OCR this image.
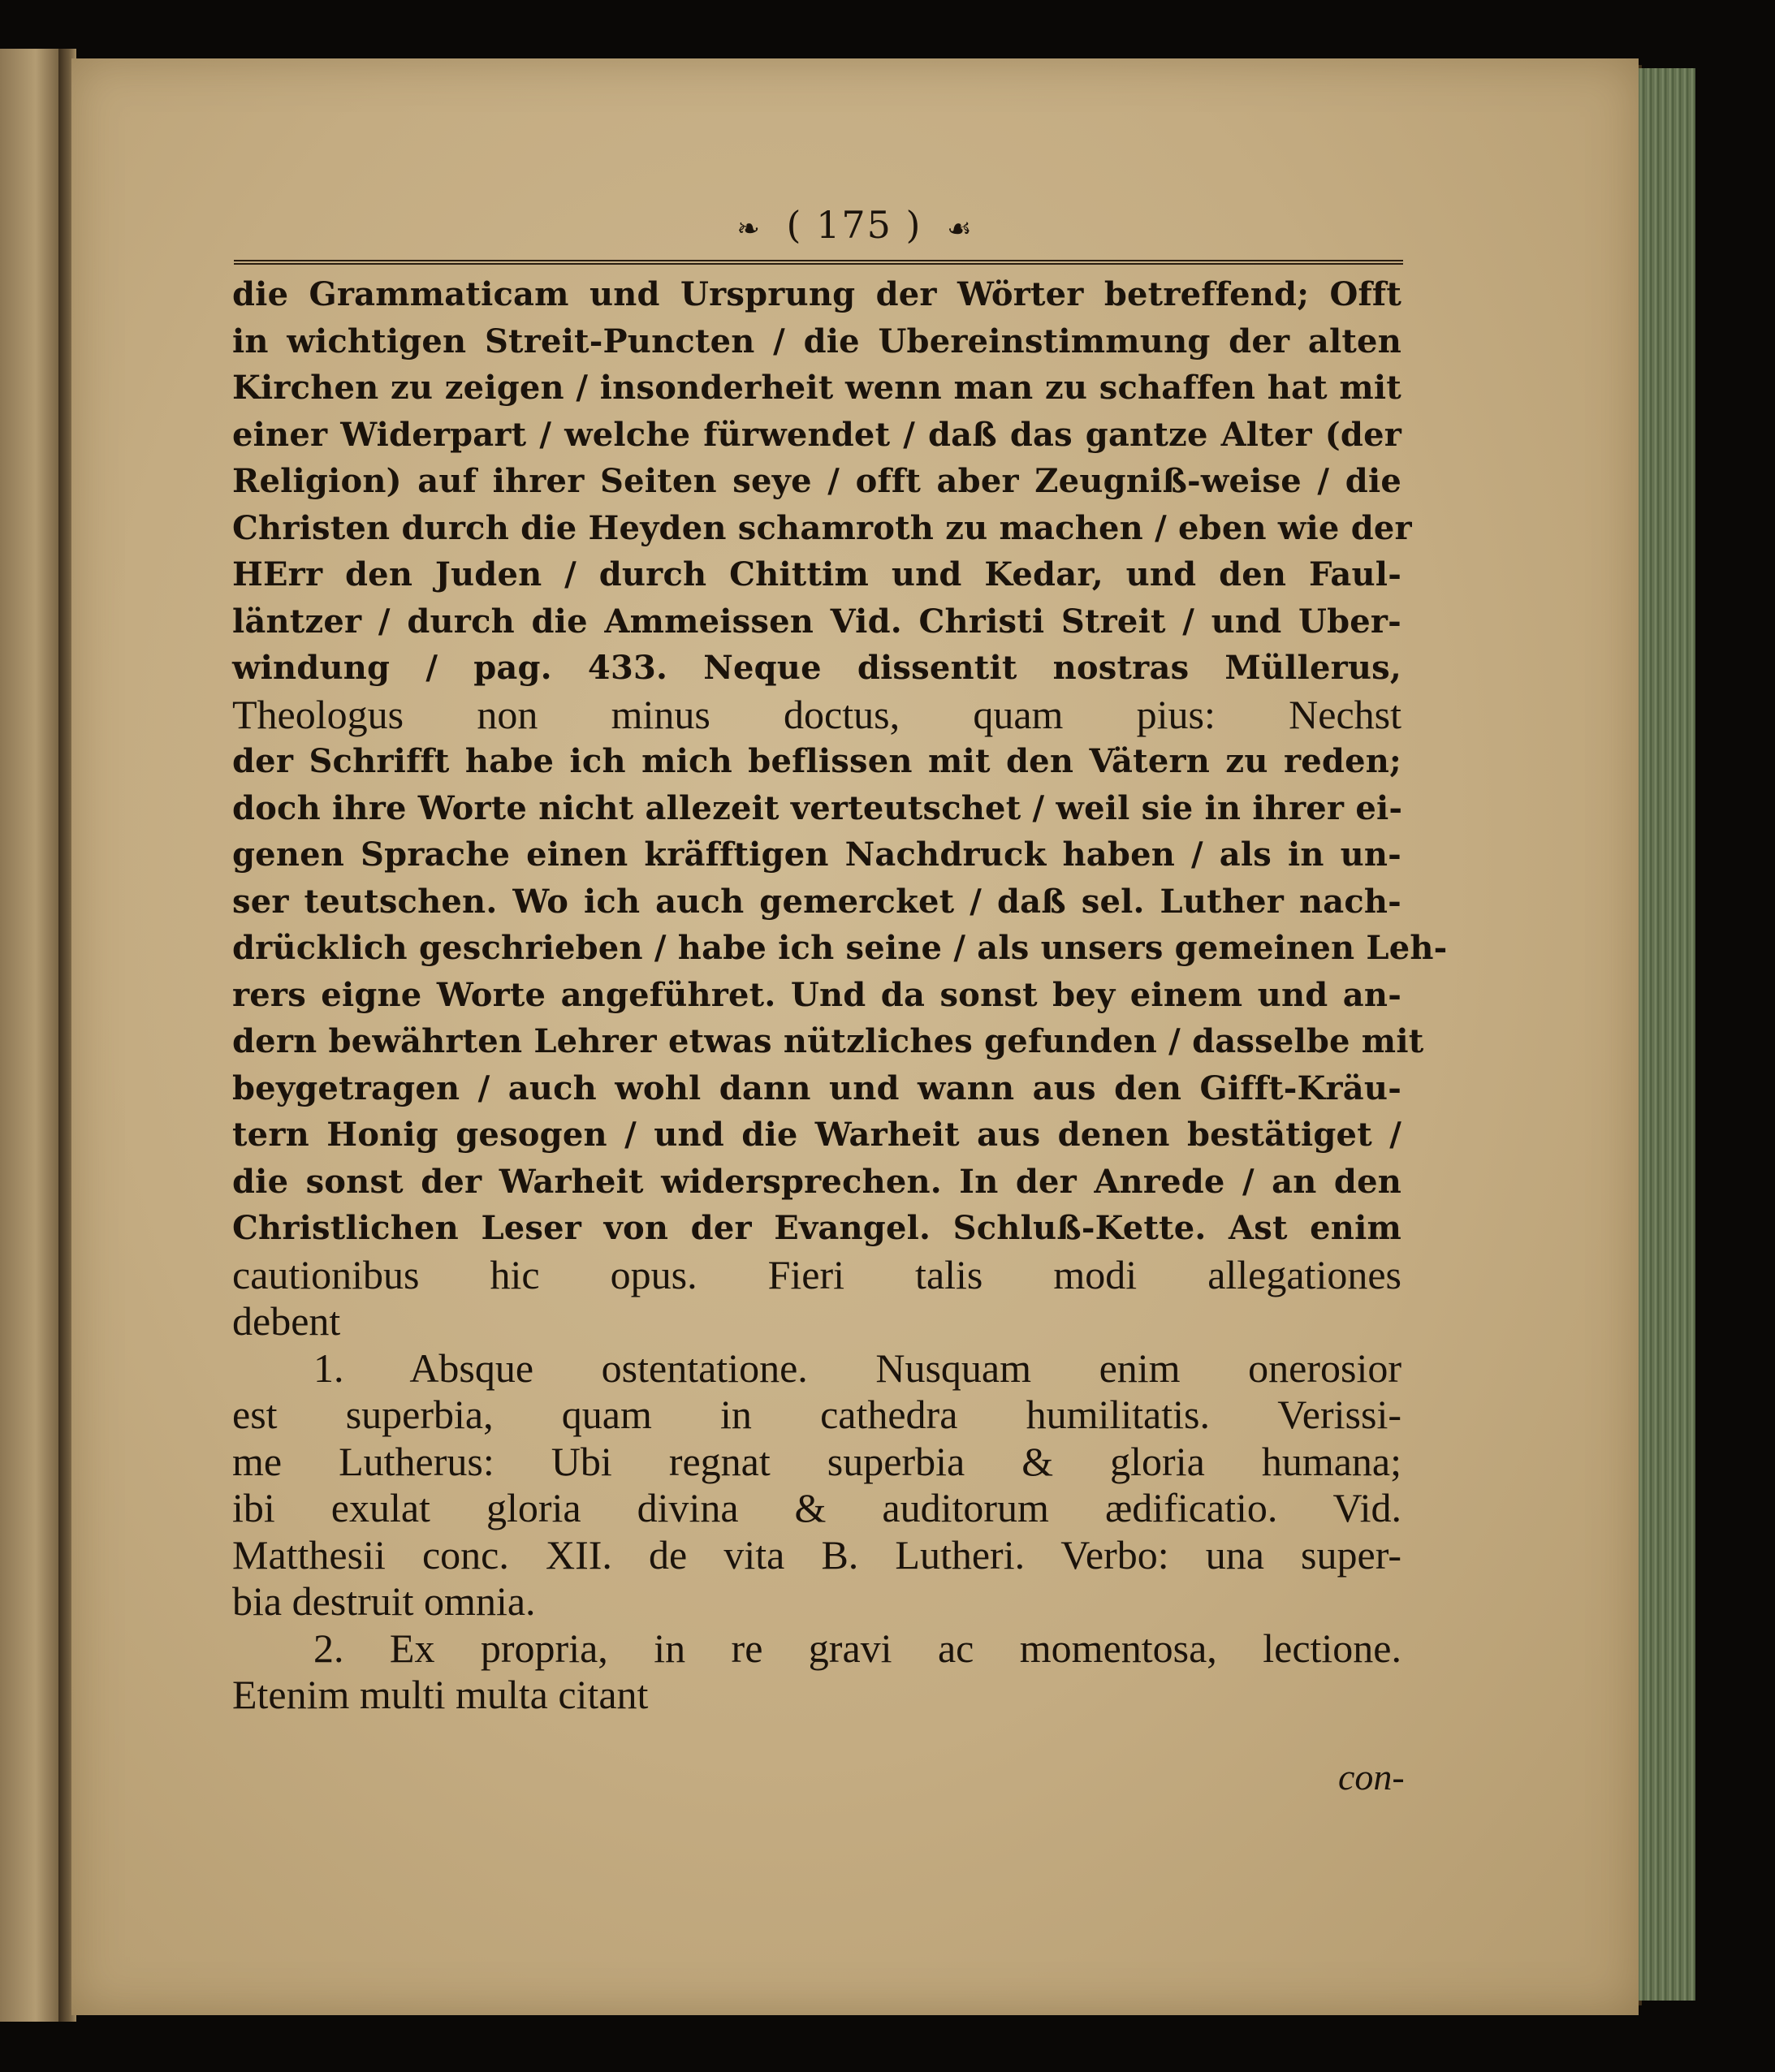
❧ ( 175 ) ☙
die Grammaticam und Ursprung der Wörter betreffend; Offt
in wichtigen Streit-Puncten / die Ubereinstimmung der alten
Kirchen zu zeigen / insonderheit wenn man zu schaffen hat mit
einer Widerpart / welche fürwendet / daß das gantze Alter (der
Religion) auf ihrer Seiten seye / offt aber Zeugniß-weise / die
Christen durch die Heyden schamroth zu machen / eben wie der
HErr den Juden / durch Chittim und Kedar, und den Faul-
läntzer / durch die Ammeissen Vid. Christi Streit / und Uber-
windung / pag. 433. Neque dissentit nostras Müllerus,
Theologus non minus doctus, quam pius: Nechst
der Schrifft habe ich mich beflissen mit den Vätern zu reden;
doch ihre Worte nicht allezeit verteutschet / weil sie in ihrer ei-
genen Sprache einen kräfftigen Nachdruck haben / als in un-
ser teutschen. Wo ich auch gemercket / daß sel. Luther nach-
drücklich geschrieben / habe ich seine / als unsers gemeinen Leh-
rers eigne Worte angeführet. Und da sonst bey einem und an-
dern bewährten Lehrer etwas nützliches gefunden / dasselbe mit
beygetragen / auch wohl dann und wann aus den Gifft-Kräu-
tern Honig gesogen / und die Warheit aus denen bestätiget /
die sonst der Warheit widersprechen. In der Anrede / an den
Christlichen Leser von der Evangel. Schluß-Kette. Ast enim
cautionibus hic opus. Fieri talis modi allegationes
debent
1. Absque ostentatione. Nusquam enim onerosior
est superbia, quam in cathedra humilitatis. Verissi-
me Lutherus: Ubi regnat superbia & gloria humana;
ibi exulat gloria divina & auditorum ædificatio. Vid.
Matthesii conc. XII. de vita B. Lutheri. Verbo: una super-
bia destruit omnia.
2. Ex propria, in re gravi ac momentosa, lectione.
Etenim multi multa citant
con-
